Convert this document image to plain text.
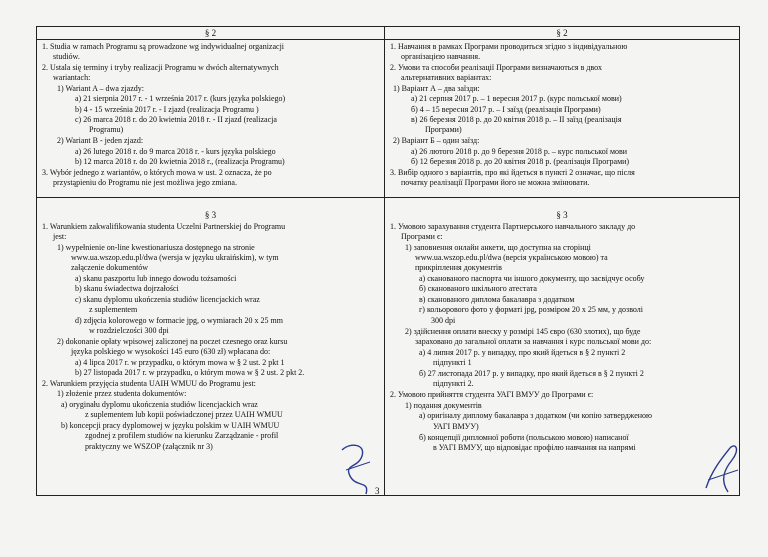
§ 2
1. Studia w ramach Programu są prowadzone wg indywidualnej organizacji
studiów.
2. Ustala się terminy i tryby realizacji Programu w dwóch alternatywnych
wariantach:
1) Wariant A – dwa zjazdy:
a) 21 sierpnia 2017 r. - 1 września 2017 r. (kurs języka polskiego)
b) 4 - 15 września 2017 r. - I zjazd (realizacja Programu )
c) 26 marca 2018 r. do 20 kwietnia 2018 r. - II zjazd (realizacja
Programu)
2) Wariant B - jeden zjazd:
a) 26 lutego 2018 r. do 9 marca 2018 r. - kurs języka polskiego
b) 12 marca 2018 r. do 20 kwietnia 2018 r., (realizacja Programu)
3. Wybór jednego z wariantów, o których mowa w ust. 2 oznacza, że po
przystąpieniu do Programu nie jest możliwa jego zmiana.
§ 3
1. Warunkiem zakwalifikowania studenta Uczelni Partnerskiej do Programu
jest:
1) wypełnienie on-line kwestionariusza dostępnego na stronie
www.ua.wszop.edu.pl/dwa (wersja w języku ukraińskim), w tym
załączenie dokumentów
a) skanu paszportu lub innego dowodu tożsamości
b) skanu świadectwa dojrzałości
c) skanu dyplomu ukończenia studiów licencjackich wraz
z suplementem
d) zdjęcia kolorowego w formacie jpg, o wymiarach 20 x 25 mm
w rozdzielczości 300 dpi
2) dokonanie opłaty wpisowej zaliczonej na poczet czesnego oraz kursu
języka polskiego w wysokości 145 euro (630 zł) wpłacana do:
a) 4 lipca 2017 r. w przypadku, o którym mowa w § 2 ust. 2 pkt 1
b) 27 listopada 2017 r. w przypadku, o którym mowa w § 2 ust. 2 pkt 2.
2. Warunkiem przyjęcia studenta UAIH WMUU do Programu jest:
1) złożenie przez studenta dokumentów:
a) oryginału dyplomu ukończenia studiów licencjackich wraz
z suplementem lub kopii poświadczonej przez UAIH WMUU
b) koncepcji pracy dyplomowej w języku polskim w UAIH WMUU
zgodnej z profilem studiów na kierunku Zarządzanie - profil
praktyczny we WSZOP (załącznik nr 3)
§ 2
1. Навчання в рамках Програми проводиться згідно з індивідуальною
організацією навчання.
2. Умови та способи реалізації Програми визначаються в двох
альтернативних варіантах:
1) Варіант А – два заїзди:
а) 21 серпня 2017 р. – 1 вересня 2017 р. (курс польської мови)
б) 4 – 15 вересня 2017 р. – I заїзд (реалізація Програми)
в) 26 березня 2018 р. до 20 квітня 2018 р. – II заїзд (реалізація
Програми)
2) Варіант Б – один заїзд:
а) 26 лютого 2018 р. до 9 березня 2018 р. – курс польської мови
б) 12 березня 2018 р. до 20 квітня 2018 р. (реалізація Програми)
3. Вибір одного з варіантів, про які йдеться в пункті 2 означає, що після
початку реалізації Програми його не можна змінювати.
§ 3
1. Умовою зарахування студента Партнерського навчального закладу до
Програми є:
1) заповнення онлайн анкети, що доступна на сторінці
www.ua.wszop.edu.pl/dwa (версія українською мовою) та
прикріплення документів
а) сканованого паспорта чи іншого документу, що засвідчує особу
б) сканованого шкільного атестата
в) сканованого диплома бакалавра з додатком
г) кольорового фото у форматі jpg, розміром 20 х 25 мм, у дозволі
300 dpi
2) здійснення оплати внеску у розмірі 145 євро (630 злотих), що буде
зараховано до загальної оплати за навчання і курс польської мови до:
а) 4 липня 2017 р. у випадку, про який йдеться в § 2 пункті 2
підпункті 1
б) 27 листопада 2017 р. у випадку, про який йдеться в § 2 пункті 2
підпункті 2.
2. Умовою прийняття студента УАГІ ВМУУ до Програми є:
1) подання документів
а) оригіналу диплому бакалавра з додатком (чи копію затвердженою
УАГІ ВМУУ)
б) концепції дипломної роботи (польською мовою) написаної
в УАГІ ВМУУ, що відповідає профілю навчання на напрямі
3
